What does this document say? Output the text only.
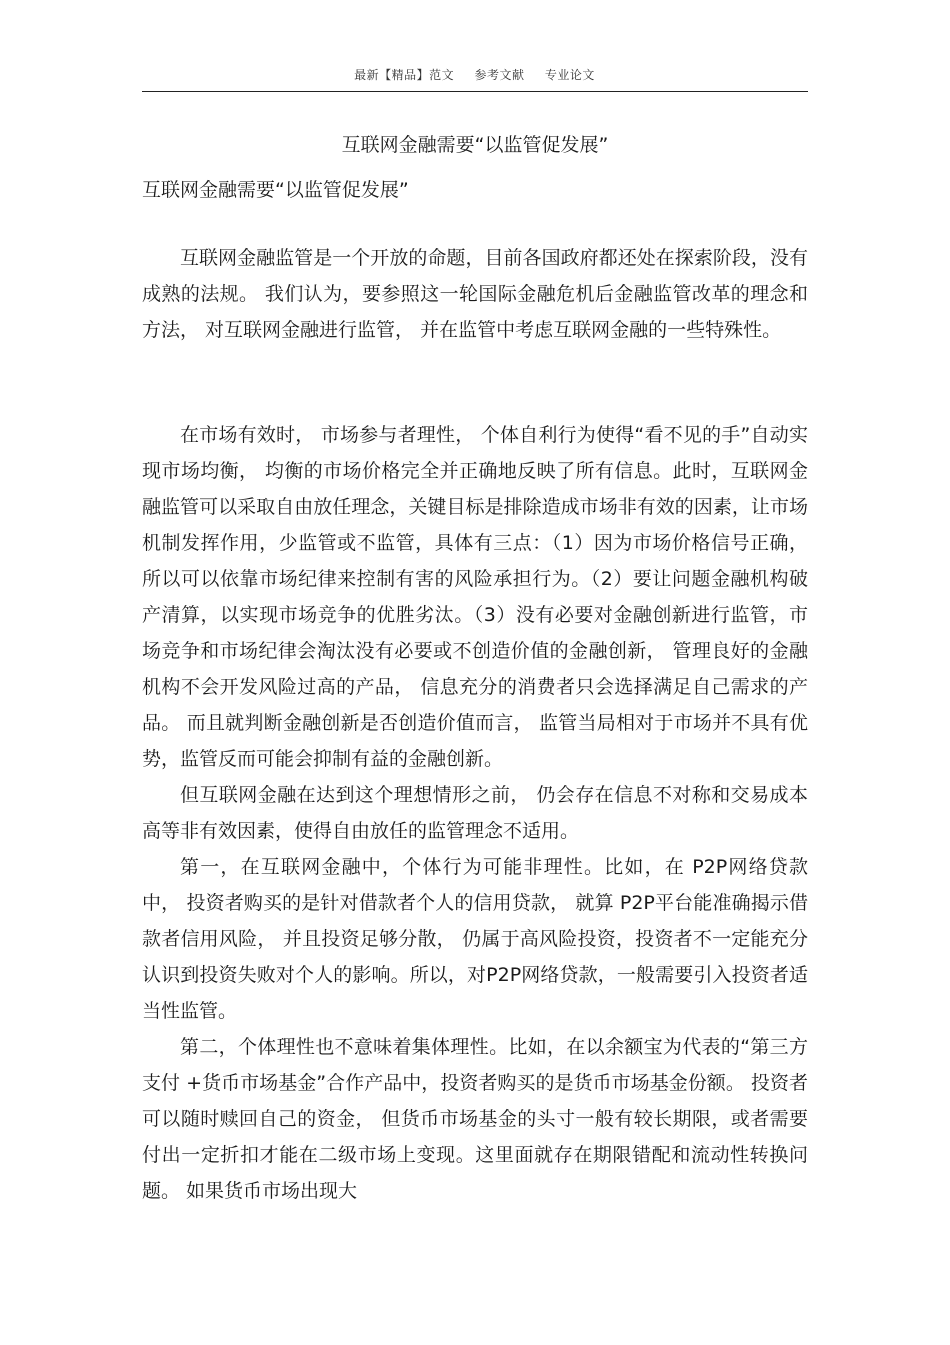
最新【精品】范文 参考文献 专业论文
互联网金融需要“以监管促发展”
互联网金融需要“以监管促发展”

互联网金融监管是一个开放的命题，目前各国政府都还处在探索阶段，没有成熟的法规。 我们认为，要参照这一轮国际金融危机后金融监管改革的理念和方法， 对互联网金融进行监管， 并在监管中考虑互联网金融的一些特殊性。

在市场有效时， 市场参与者理性， 个体自利行为使得“看不见的手”自动实现市场均衡， 均衡的市场价格完全并正确地反映了所有信息。此时，互联网金融监管可以采取自由放任理念，关键目标是排除造成市场非有效的因素，让市场机制发挥作用，少监管或不监管，具体有三点：（1）因为市场价格信号正确，所以可以依靠市场纪律来控制有害的风险承担行为。（2）要让问题金融机构破产清算，以实现市场竞争的优胜劣汰。（3）没有必要对金融创新进行监管，市场竞争和市场纪律会淘汰没有必要或不创造价值的金融创新， 管理良好的金融机构不会开发风险过高的产品， 信息充分的消费者只会选择满足自己需求的产品。 而且就判断金融创新是否创造价值而言， 监管当局相对于市场并不具有优势，监管反而可能会抑制有益的金融创新。

但互联网金融在达到这个理想情形之前， 仍会存在信息不对称和交易成本高等非有效因素，使得自由放任的监管理念不适用。

第一，在互联网金融中，个体行为可能非理性。比如，在 P2P网络贷款中， 投资者购买的是针对借款者个人的信用贷款， 就算 P2P平台能准确揭示借款者信用风险， 并且投资足够分散， 仍属于高风险投资，投资者不一定能充分认识到投资失败对个人的影响。所以，对P2P网络贷款，一般需要引入投资者适当性监管。

第二，个体理性也不意味着集体理性。比如，在以余额宝为代表的“第三方支付 +货币市场基金”合作产品中，投资者购买的是货币市场基金份额。 投资者可以随时赎回自己的资金， 但货币市场基金的头寸一般有较长期限，或者需要付出一定折扣才能在二级市场上变现。这里面就存在期限错配和流动性转换问题。 如果货币市场出现大
